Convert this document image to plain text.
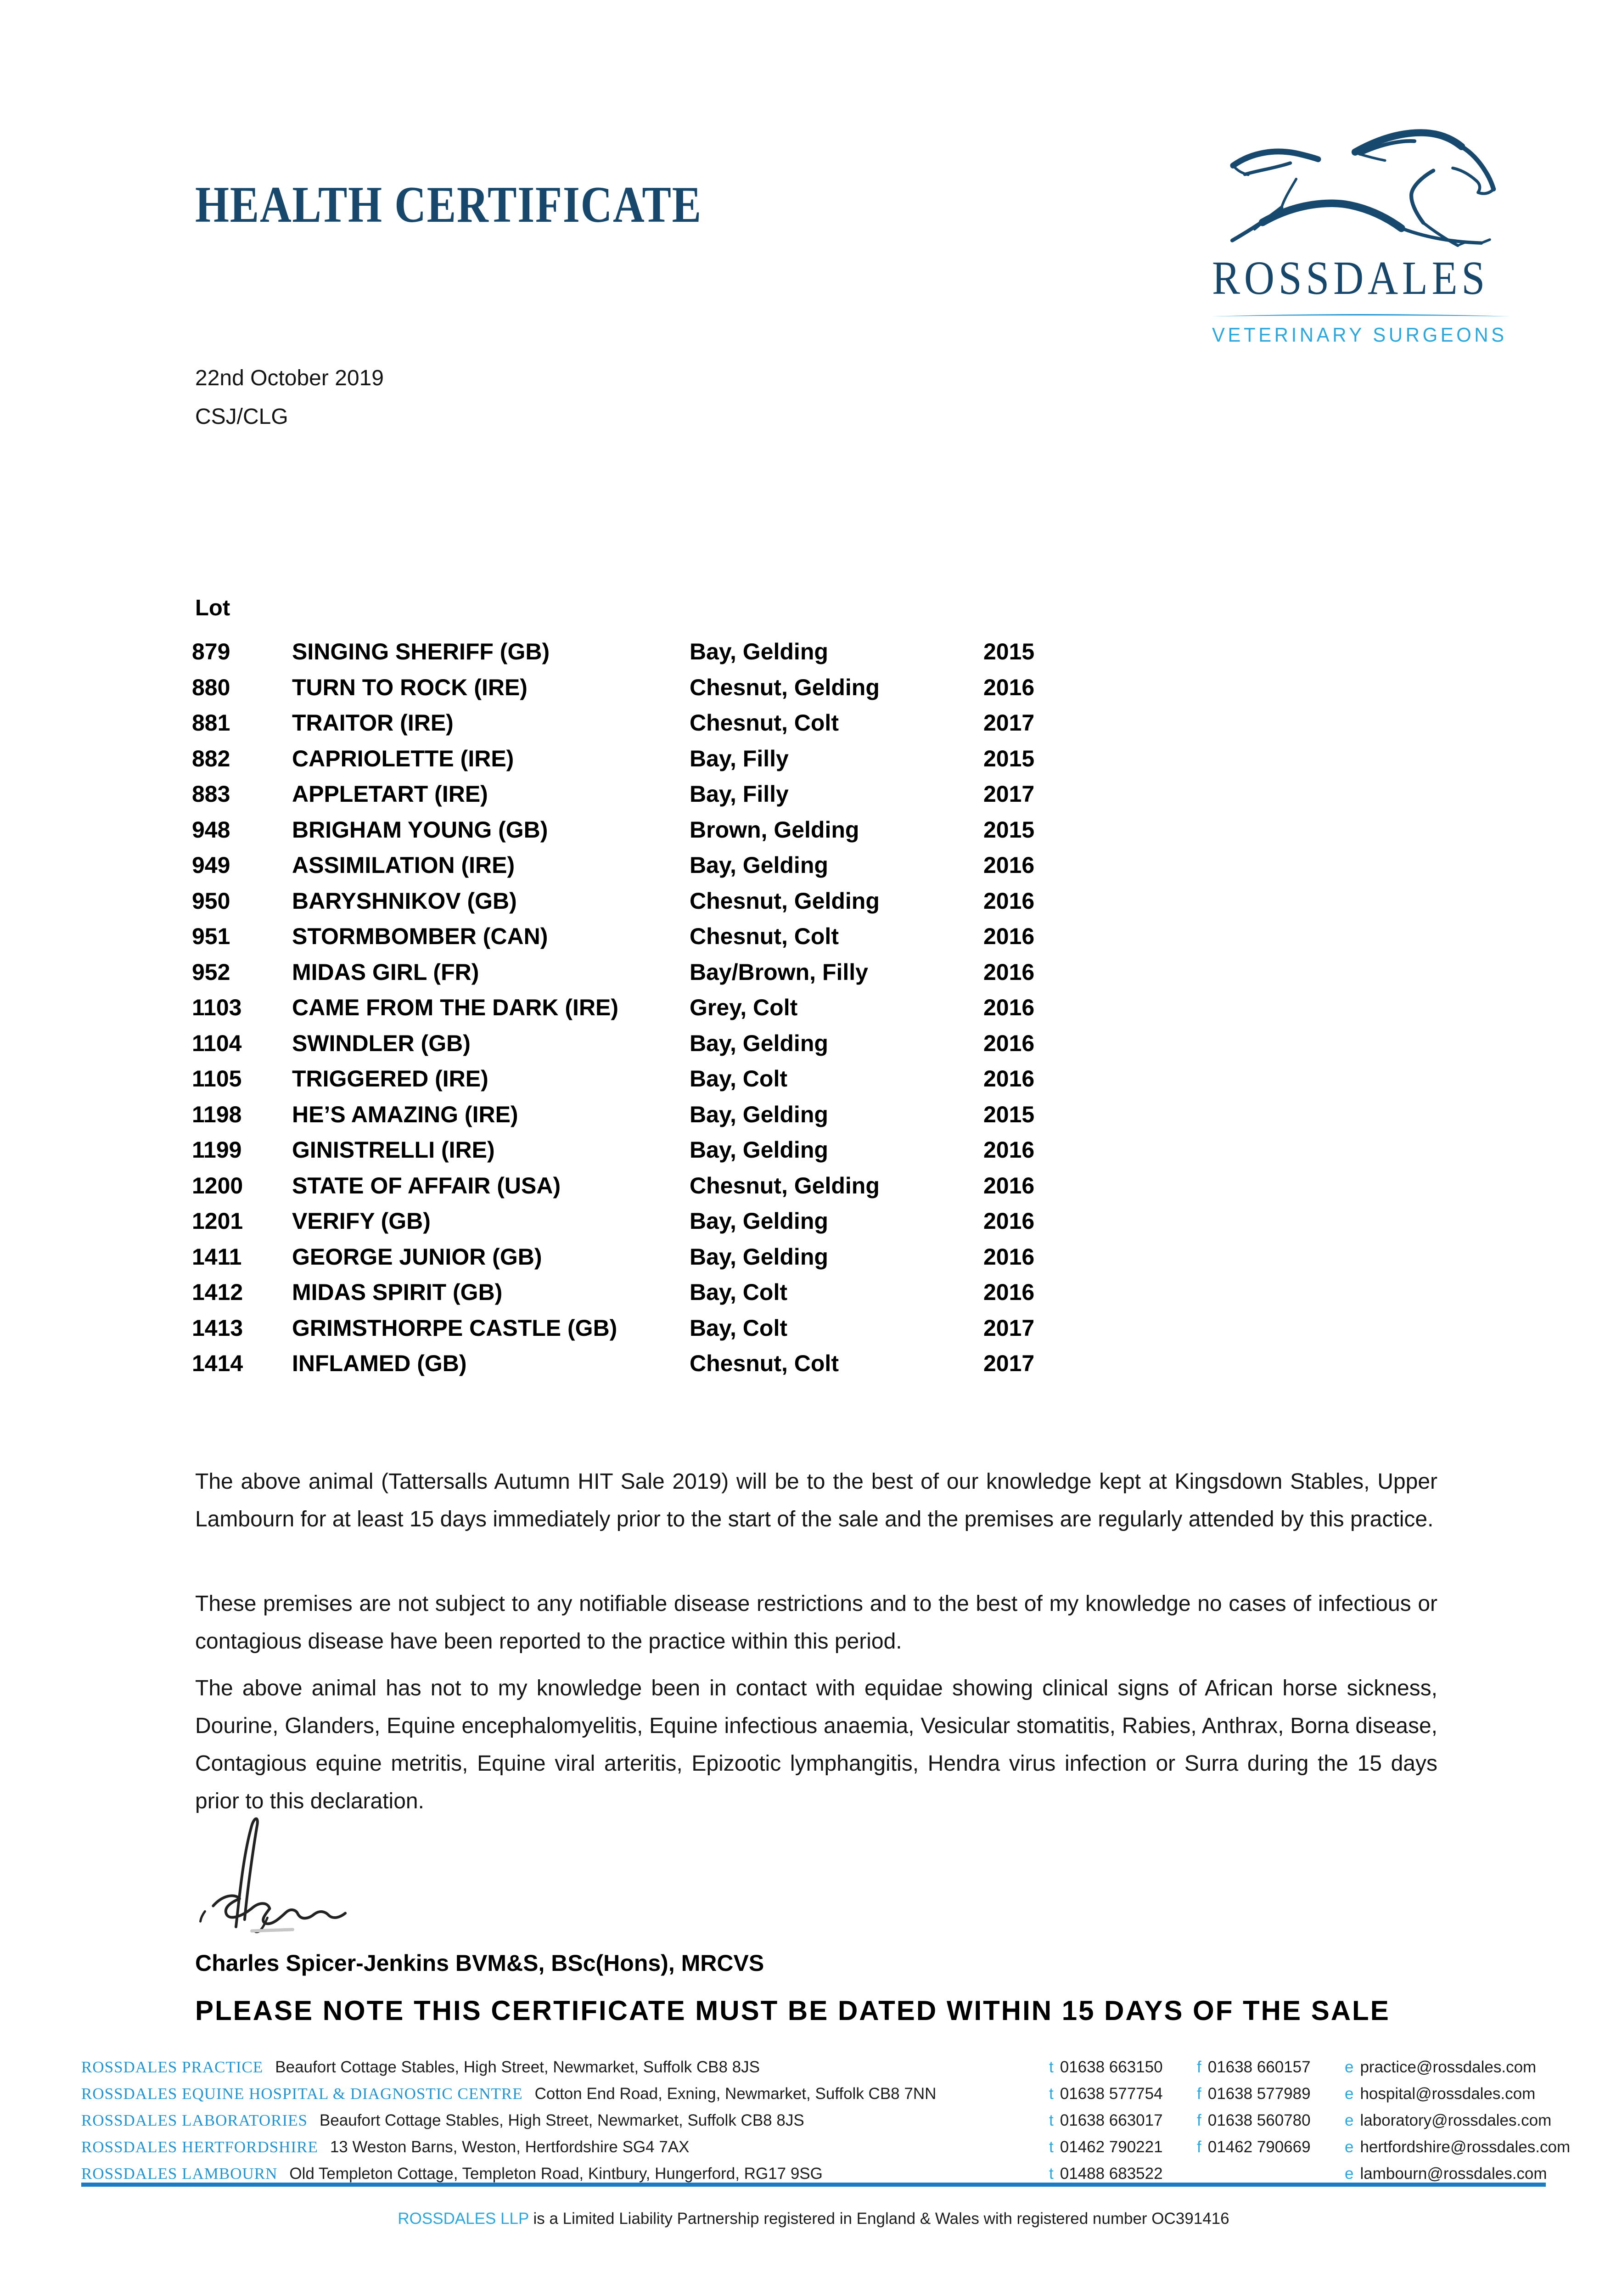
HEALTH CERTIFICATE
ROSSDALES
VETERINARY SURGEONS
22nd October 2019
CSJ/CLG
Lot
879	SINGING SHERIFF (GB)	Bay, Gelding	2015
880	TURN TO ROCK (IRE)	Chesnut, Gelding	2016
881	TRAITOR (IRE)	Chesnut, Colt	2017
882	CAPRIOLETTE (IRE)	Bay, Filly	2015
883	APPLETART (IRE)	Bay, Filly	2017
948	BRIGHAM YOUNG (GB)	Brown, Gelding	2015
949	ASSIMILATION (IRE)	Bay, Gelding	2016
950	BARYSHNIKOV (GB)	Chesnut, Gelding	2016
951	STORMBOMBER (CAN)	Chesnut, Colt	2016
952	MIDAS GIRL (FR)	Bay/Brown, Filly	2016
1103	CAME FROM THE DARK (IRE)	Grey, Colt	2016
1104	SWINDLER (GB)	Bay, Gelding	2016
1105	TRIGGERED (IRE)	Bay, Colt	2016
1198	HE’S AMAZING (IRE)	Bay, Gelding	2015
1199	GINISTRELLI (IRE)	Bay, Gelding	2016
1200	STATE OF AFFAIR (USA)	Chesnut, Gelding	2016
1201	VERIFY (GB)	Bay, Gelding	2016
1411	GEORGE JUNIOR (GB)	Bay, Gelding	2016
1412	MIDAS SPIRIT (GB)	Bay, Colt	2016
1413	GRIMSTHORPE CASTLE (GB)	Bay, Colt	2017
1414	INFLAMED (GB)	Chesnut, Colt	2017

The above animal (Tattersalls Autumn HIT Sale 2019) will be to the best of our knowledge kept at Kingsdown Stables, Upper Lambourn for at least 15 days immediately prior to the start of the sale and the premises are regularly attended by this practice.

These premises are not subject to any notifiable disease restrictions and to the best of my knowledge no cases of infectious or contagious disease have been reported to the practice within this period.

The above animal has not to my knowledge been in contact with equidae showing clinical signs of African horse sickness, Dourine, Glanders, Equine encephalomyelitis, Equine infectious anaemia, Vesicular stomatitis, Rabies, Anthrax, Borna disease, Contagious equine metritis, Equine viral arteritis, Epizootic lymphangitis, Hendra virus infection or Surra during the 15 days prior to this declaration.

Charles Spicer-Jenkins BVM&S, BSc(Hons), MRCVS
PLEASE NOTE THIS CERTIFICATE MUST BE DATED WITHIN 15 DAYS OF THE SALE
ROSSDALES PRACTICE Beaufort Cottage Stables, High Street, Newmarket, Suffolk CB8 8JS	t 01638 663150	f 01638 660157	e practice@rossdales.com
ROSSDALES EQUINE HOSPITAL & DIAGNOSTIC CENTRE Cotton End Road, Exning, Newmarket, Suffolk CB8 7NN	t 01638 577754	f 01638 577989	e hospital@rossdales.com
ROSSDALES LABORATORIES Beaufort Cottage Stables, High Street, Newmarket, Suffolk CB8 8JS	t 01638 663017	f 01638 560780	e laboratory@rossdales.com
ROSSDALES HERTFORDSHIRE 13 Weston Barns, Weston, Hertfordshire SG4 7AX	t 01462 790221	f 01462 790669	e hertfordshire@rossdales.com
ROSSDALES LAMBOURN Old Templeton Cottage, Templeton Road, Kintbury, Hungerford, RG17 9SG	t 01488 683522	e lambourn@rossdales.com
ROSSDALES LLP is a Limited Liability Partnership registered in England & Wales with registered number OC391416
